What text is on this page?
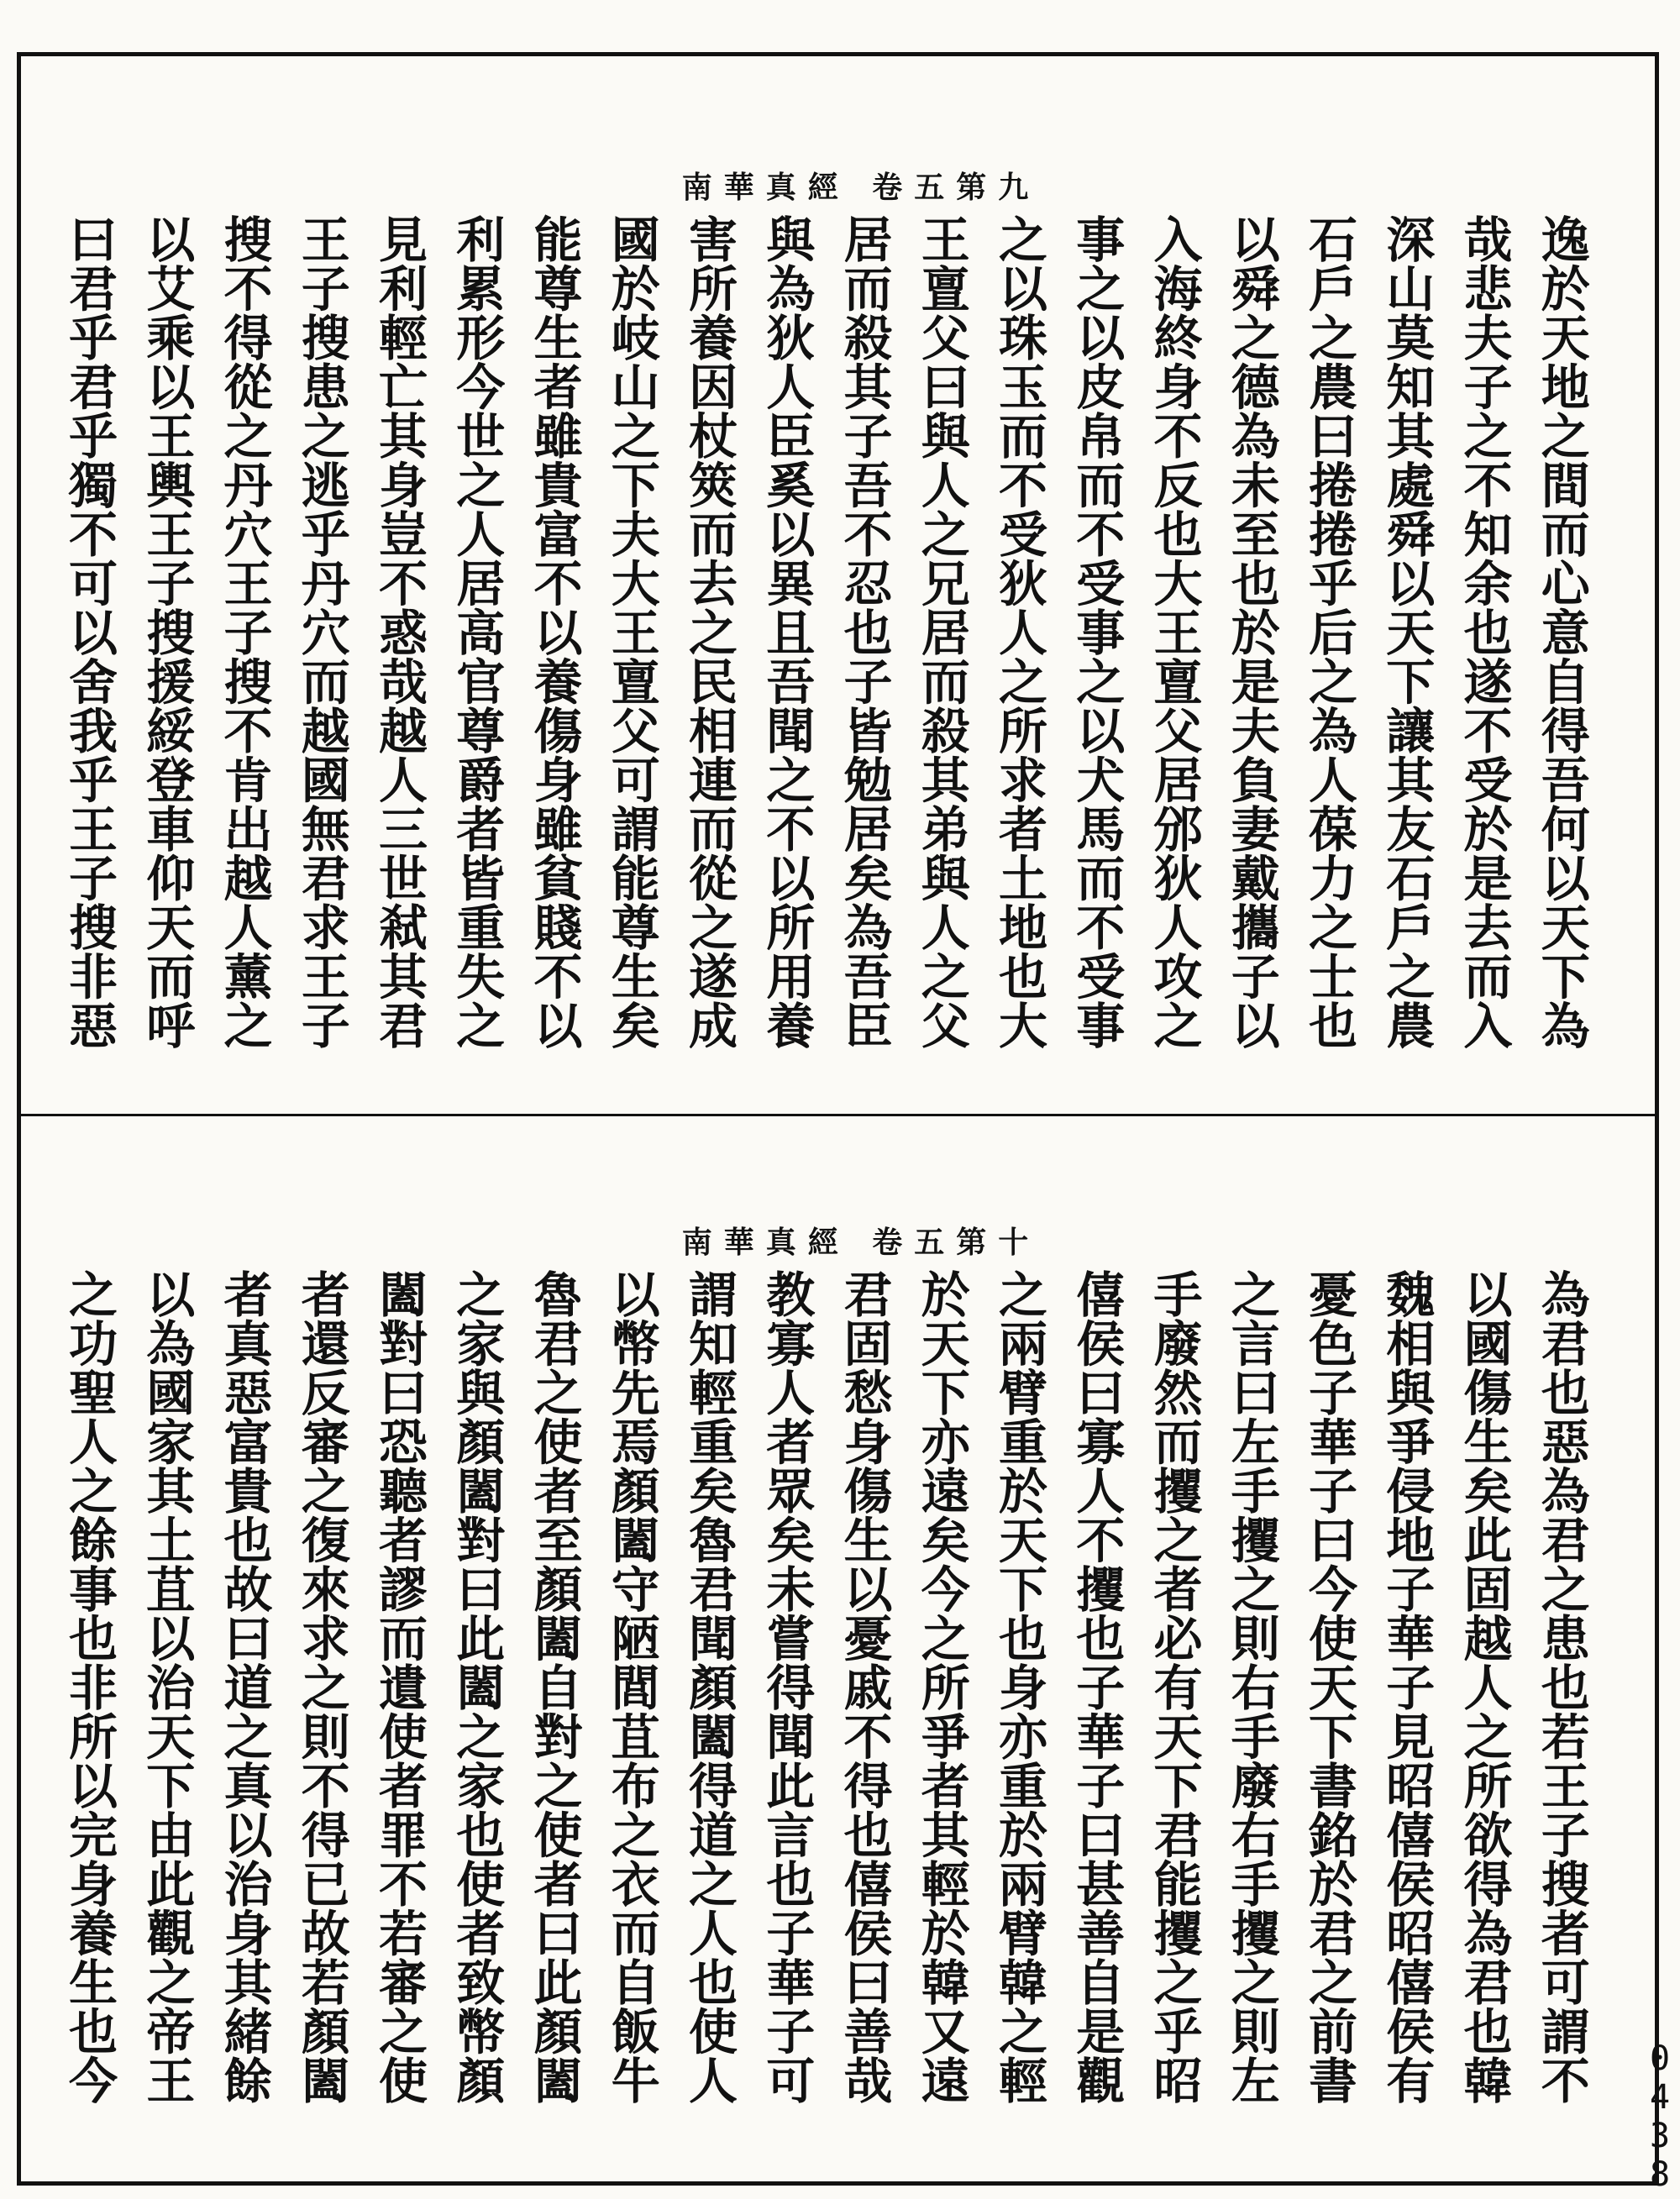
南華真經 卷五第九
逸於天地之間而心意自得吾何以天下為
哉悲夫子之不知余也遂不受於是去而入
深山莫知其處舜以天下讓其友石戶之農
石戶之農曰捲捲乎后之為人葆力之士也
以舜之德為未至也於是夫負妻戴攜子以
入海終身不反也大王亶父居邠狄人攻之
事之以皮帛而不受事之以犬馬而不受事
之以珠玉而不受狄人之所求者土地也大
王亶父曰與人之兄居而殺其弟與人之父
居而殺其子吾不忍也子皆勉居矣為吾臣
與為狄人臣奚以異且吾聞之不以所用養
害所養因杖筴而去之民相連而從之遂成
國於岐山之下夫大王亶父可謂能尊生矣
能尊生者雖貴富不以養傷身雖貧賤不以
利累形今世之人居高官尊爵者皆重失之
見利輕亡其身豈不惑哉越人三世弒其君
王子搜患之逃乎丹穴而越國無君求王子
搜不得從之丹穴王子搜不肯出越人薰之
以艾乘以王輿王子搜援綏登車仰天而呼
曰君乎君乎獨不可以舍我乎王子搜非惡
南華真經 卷五第十
為君也惡為君之患也若王子搜者可謂不
以國傷生矣此固越人之所欲得為君也韓
魏相與爭侵地子華子見昭僖侯昭僖侯有
憂色子華子曰今使天下書銘於君之前書
之言曰左手攫之則右手廢右手攫之則左
手廢然而攫之者必有天下君能攫之乎昭
僖侯曰寡人不攫也子華子曰甚善自是觀
之兩臂重於天下也身亦重於兩臂韓之輕
於天下亦遠矣今之所爭者其輕於韓又遠
君固愁身傷生以憂戚不得也僖侯曰善哉
教寡人者眾矣未嘗得聞此言也子華子可
謂知輕重矣魯君聞顏闔得道之人也使人
以幣先焉顏闔守陋閭苴布之衣而自飯牛
魯君之使者至顏闔自對之使者曰此顏闔
之家與顏闔對曰此闔之家也使者致幣顏
闔對曰恐聽者謬而遺使者罪不若審之使
者還反審之復來求之則不得已故若顏闔
者真惡富貴也故曰道之真以治身其緒餘
以為國家其土苴以治天下由此觀之帝王
之功聖人之餘事也非所以完身養生也今
0438
